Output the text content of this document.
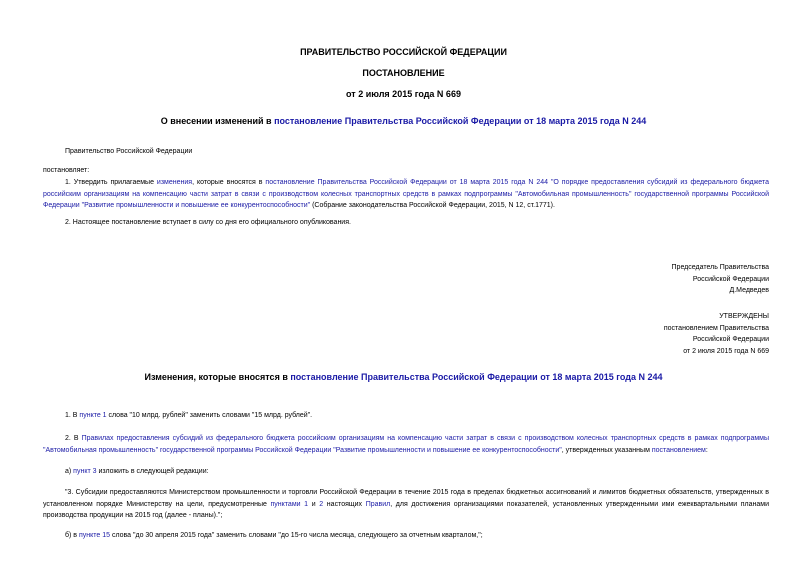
ПРАВИТЕЛЬСТВО РОССИЙСКОЙ ФЕДЕРАЦИИ
ПОСТАНОВЛЕНИЕ
от 2 июля 2015 года N 669
О внесении изменений в постановление Правительства Российской Федерации от 18 марта 2015 года N 244
Правительство Российской Федерации
постановляет:
1. Утвердить прилагаемые изменения, которые вносятся в постановление Правительства Российской Федерации от 18 марта 2015 года N 244 "О порядке предоставления субсидий из федерального бюджета российским организациям на компенсацию части затрат в связи с производством колесных транспортных средств в рамках подпрограммы "Автомобильная промышленность" государственной программы Российской Федерации "Развитие промышленности и повышение ее конкурентоспособности" (Собрание законодательства Российской Федерации, 2015, N 12, ст.1771).
2. Настоящее постановление вступает в силу со дня его официального опубликования.

Председатель Правительства

Российской Федерации

Д.Медведев

УТВЕРЖДЕНЫ

постановлением Правительства

Российской Федерации

от 2 июля 2015 года N 669

Изменения, которые вносятся в постановление Правительства Российской Федерации от 18 марта 2015 года N 244
1. В пункте 1 слова "10 млрд. рублей" заменить словами "15 млрд. рублей".
2. В Правилах предоставления субсидий из федерального бюджета российским организациям на компенсацию части затрат в связи с производством колесных транспортных средств в рамках подпрограммы "Автомобильная промышленность" государственной программы Российской Федерации "Развитие промышленности и повышение ее конкурентоспособности", утвержденных указанным постановлением:
а) пункт 3 изложить в следующей редакции:
"3. Субсидии предоставляются Министерством промышленности и торговли Российской Федерации в течение 2015 года в пределах бюджетных ассигнований и лимитов бюджетных обязательств, утвержденных в установленном порядке Министерству на цели, предусмотренные пунктами 1 и 2 настоящих Правил, для достижения организациями показателей, установленных утвержденными ими ежеквартальными планами производства продукции на 2015 год (далее - планы).";
б) в пункте 15 слова "до 30 апреля 2015 года" заменить словами "до 15-го числа месяца, следующего за отчетным кварталом,";
